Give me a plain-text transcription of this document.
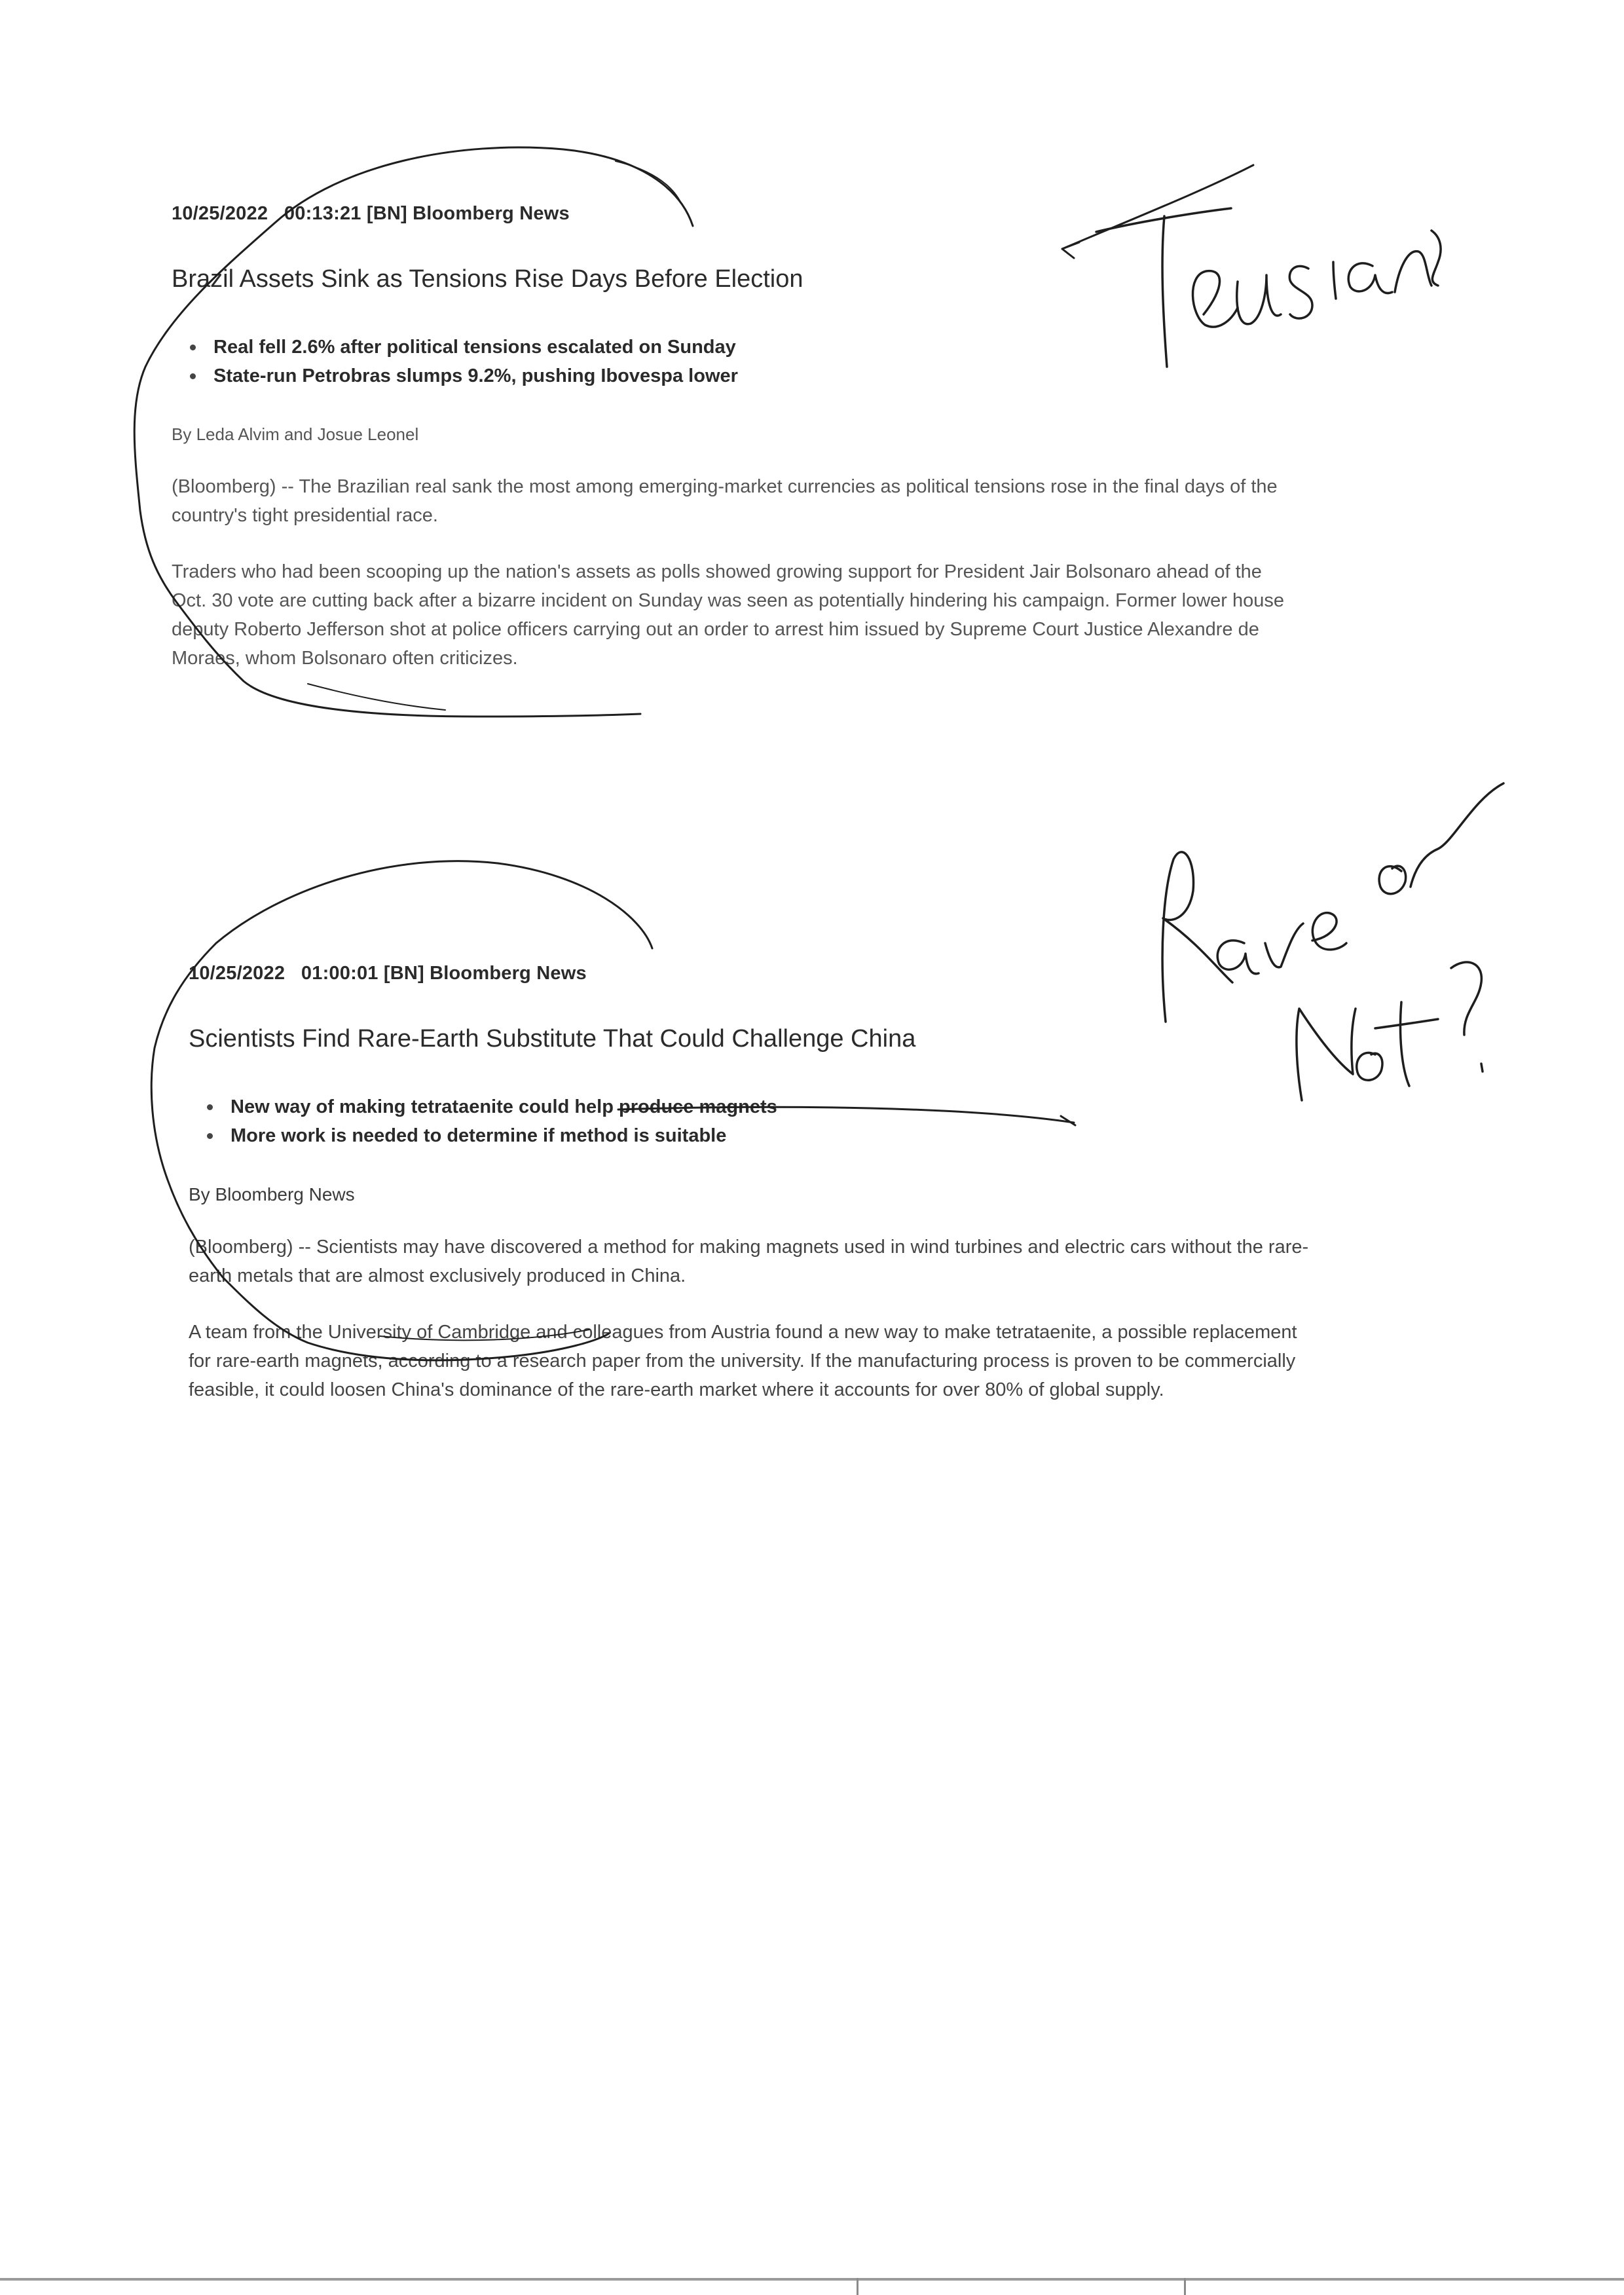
10/25/2022   00:13:21 [BN] Bloomberg News
Brazil Assets Sink as Tensions Rise Days Before Election
Real fell 2.6% after political tensions escalated on Sunday
State-run Petrobras slumps 9.2%, pushing Ibovespa lower
By Leda Alvim and Josue Leonel

(Bloomberg) -- The Brazilian real sank the most among emerging-market currencies as political tensions rose in the final days of the country's tight presidential race.

Traders who had been scooping up the nation's assets as polls showed growing support for President Jair Bolsonaro ahead of the Oct. 30 vote are cutting back after a bizarre incident on Sunday was seen as potentially hindering his campaign. Former lower house deputy Roberto Jefferson shot at police officers carrying out an order to arrest him issued by Supreme Court Justice Alexandre de Moraes, whom Bolsonaro often criticizes.

10/25/2022   01:00:01 [BN] Bloomberg News
Scientists Find Rare-Earth Substitute That Could Challenge China
New way of making tetrataenite could help produce magnets
More work is needed to determine if method is suitable
By Bloomberg News

(Bloomberg) -- Scientists may have discovered a method for making magnets used in wind turbines and electric cars without the rare-earth metals that are almost exclusively produced in China.

A team from the University of Cambridge and colleagues from Austria found a new way to make tetrataenite, a possible replacement for rare-earth magnets, according to a research paper from the university. If the manufacturing process is proven to be commercially feasible, it could loosen China's dominance of the rare-earth market where it accounts for over 80% of global supply.
